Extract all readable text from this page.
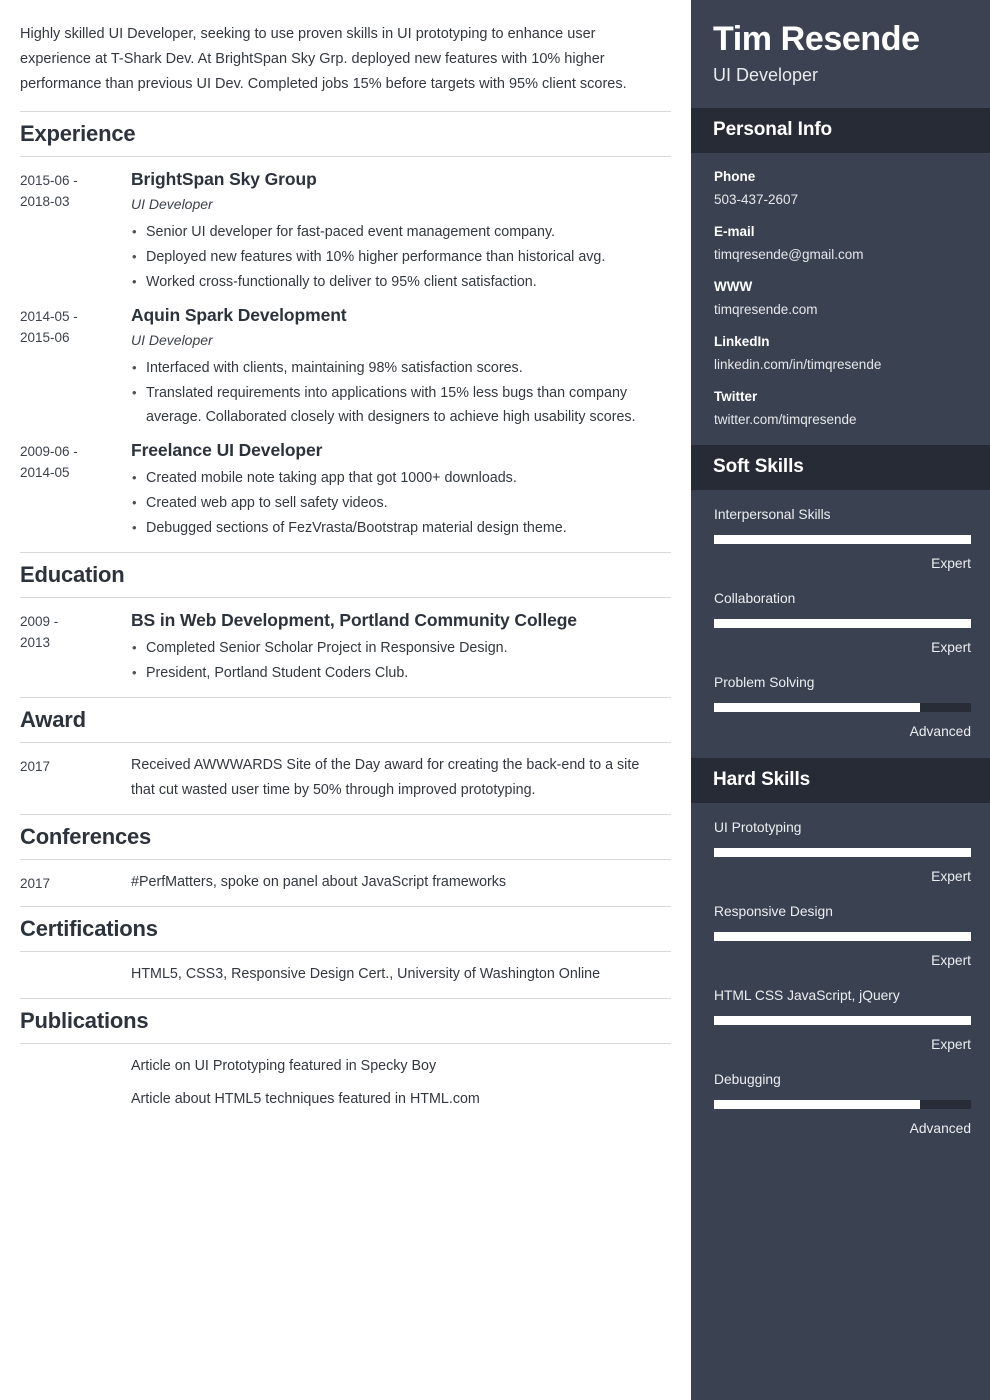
Highly skilled UI Developer, seeking to use proven skills in UI prototyping to enhance user experience at T-Shark Dev. At BrightSpan Sky Grp. deployed new features with 10% higher performance than previous UI Dev. Completed jobs 15% before targets with 95% client scores.

Experience
2015-06 -
2018-03
BrightSpan Sky Group
UI Developer
• Senior UI developer for fast-paced event management company.
• Deployed new features with 10% higher performance than historical avg.
• Worked cross-functionally to deliver to 95% client satisfaction.
2014-05 -
2015-06
Aquin Spark Development
UI Developer
• Interfaced with clients, maintaining 98% satisfaction scores.
• Translated requirements into applications with 15% less bugs than company average. Collaborated closely with designers to achieve high usability scores.
2009-06 -
2014-05
Freelance UI Developer
• Created mobile note taking app that got 1000+ downloads.
• Created web app to sell safety videos.
• Debugged sections of FezVrasta/Bootstrap material design theme.
Education
2009 -
2013
BS in Web Development, Portland Community College
• Completed Senior Scholar Project in Responsive Design.
• President, Portland Student Coders Club.
Award
2017	Received AWWWARDS Site of the Day award for creating the back-end to a site that cut wasted user time by 50% through improved prototyping.
Conferences
2017	#PerfMatters, spoke on panel about JavaScript frameworks
Certifications
HTML5, CSS3, Responsive Design Cert., University of Washington Online
Publications
Article on UI Prototyping featured in Specky Boy
Article about HTML5 techniques featured in HTML.com
Tim Resende
UI Developer
Personal Info
Phone
503-437-2607
E-mail
timqresende@gmail.com
WWW
timqresende.com
LinkedIn
linkedin.com/in/timqresende
Twitter
twitter.com/timqresende
Soft Skills
Interpersonal Skills
Expert
Collaboration
Expert
Problem Solving
Advanced
Hard Skills
UI Prototyping
Expert
Responsive Design
Expert
HTML CSS JavaScript, jQuery
Expert
Debugging
Advanced
